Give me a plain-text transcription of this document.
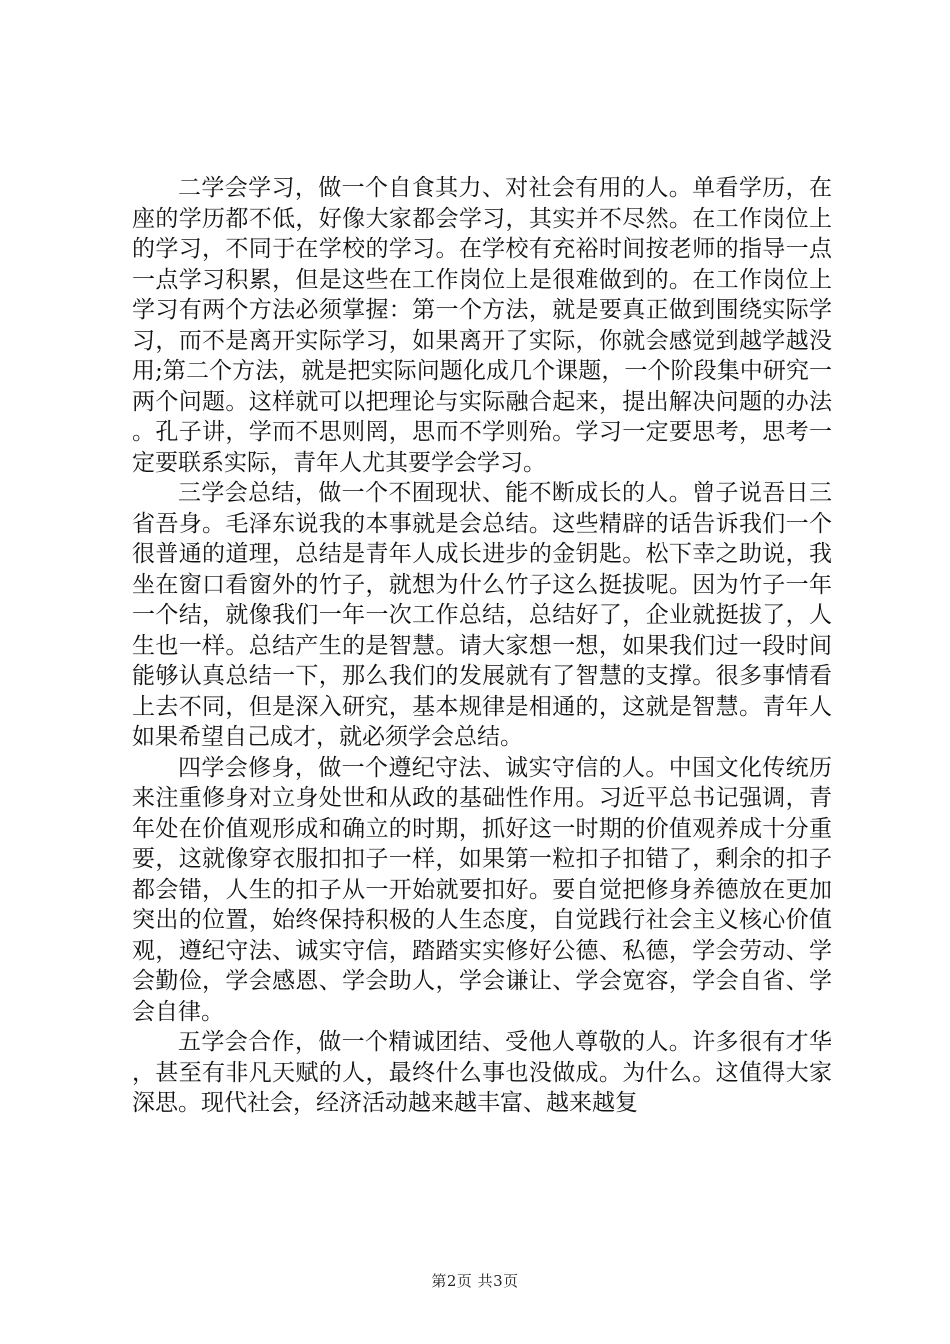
二学会学习，做一个自食其力、对社会有用的人。单看学历，在座的学历都不低，好像大家都会学习，其实并不尽然。在工作岗位上的学习，不同于在学校的学习。在学校有充裕时间按老师的指导一点一点学习积累，但是这些在工作岗位上是很难做到的。在工作岗位上学习有两个方法必须掌握：第一个方法，就是要真正做到围绕实际学习，而不是离开实际学习，如果离开了实际，你就会感觉到越学越没用;第二个方法，就是把实际问题化成几个课题，一个阶段集中研究一两个问题。这样就可以把理论与实际融合起来，提出解决问题的办法。孔子讲，学而不思则罔，思而不学则殆。学习一定要思考，思考一定要联系实际，青年人尤其要学会学习。

三学会总结，做一个不囿现状、能不断成长的人。曾子说吾日三省吾身。毛泽东说我的本事就是会总结。这些精辟的话告诉我们一个很普通的道理，总结是青年人成长进步的金钥匙。松下幸之助说，我坐在窗口看窗外的竹子，就想为什么竹子这么挺拔呢。因为竹子一年一个结，就像我们一年一次工作总结，总结好了，企业就挺拔了，人生也一样。总结产生的是智慧。请大家想一想，如果我们过一段时间能够认真总结一下，那么我们的发展就有了智慧的支撑。很多事情看上去不同，但是深入研究，基本规律是相通的，这就是智慧。青年人如果希望自己成才，就必须学会总结。

四学会修身，做一个遵纪守法、诚实守信的人。中国文化传统历来注重修身对立身处世和从政的基础性作用。习近平总书记强调，青年处在价值观形成和确立的时期，抓好这一时期的价值观养成十分重要，这就像穿衣服扣扣子一样，如果第一粒扣子扣错了，剩余的扣子都会错，人生的扣子从一开始就要扣好。要自觉把修身养德放在更加突出的位置，始终保持积极的人生态度，自觉践行社会主义核心价值观，遵纪守法、诚实守信，踏踏实实修好公德、私德，学会劳动、学会勤俭，学会感恩、学会助人，学会谦让、学会宽容，学会自省、学会自律。

五学会合作，做一个精诚团结、受他人尊敬的人。许多很有才华，甚至有非凡天赋的人，最终什么事也没做成。为什么。这值得大家深思。现代社会，经济活动越来越丰富、越来越复

第2页 共3页
